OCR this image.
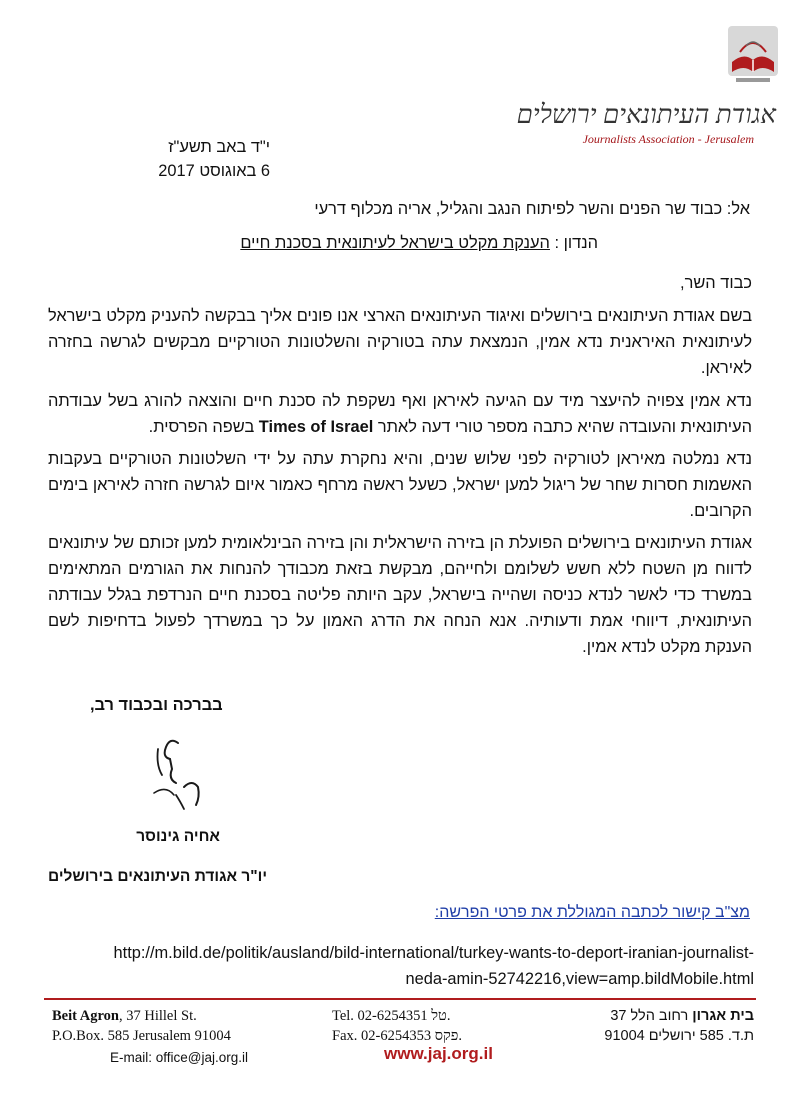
אגודת העיתונאים ירושלים
Journalists Association - Jerusalem
י"ד באב תשע"ז
6 באוגוסט 2017
אל: כבוד שר הפנים והשר לפיתוח הנגב והגליל, אריה מכלוף דרעי
הנדון : הענקת מקלט בישראל לעיתונאית בסכנת חיים
כבוד השר,
בשם אגודת העיתונאים בירושלים ואיגוד העיתונאים הארצי אנו פונים אליך בבקשה להעניק מקלט בישראל לעיתונאית האיראנית נדא אמין, הנמצאת עתה בטורקיה והשלטונות הטורקיים מבקשים לגרשה בחזרה לאיראן.
נדא אמין צפויה להיעצר מיד עם הגיעה לאיראן ואף נשקפת לה סכנת חיים והוצאה להורג בשל עבודתה העיתונאית והעובדה שהיא כתבה מספר טורי דעה לאתר Times of Israel בשפה הפרסית.
נדא נמלטה מאיראן לטורקיה לפני שלוש שנים, והיא נחקרת עתה על ידי השלטונות הטורקיים בעקבות האשמות חסרות שחר של ריגול למען ישראל, כשעל ראשה מרחף כאמור איום לגרשה חזרה לאיראן בימים הקרובים.
אגודת העיתונאים בירושלים הפועלת הן בזירה הישראלית והן בזירה הבינלאומית למען זכותם של עיתונאים לדווח מן השטח ללא חשש לשלומם ולחייהם, מבקשת בזאת מכבודך להנחות את הגורמים המתאימים במשרד כדי לאשר לנדא כניסה ושהייה בישראל, עקב היותה פליטה בסכנת חיים הנרדפת בגלל עבודתה העיתונאית, דיווחי אמת ודעותיה. אנא הנחה את הדרג האמון על כך במשרדך לפעול בדחיפות לשם הענקת מקלט לנדא אמין.
בברכה ובכבוד רב,
אחיה גינוסר
יו"ר אגודת העיתונאים בירושלים
מצ"ב קישור לכתבה המגוללת את פרטי הפרשה:
http://m.bild.de/politik/ausland/bild-international/turkey-wants-to-deport-iranian-journalist-
neda-amin-52742216,view=amp.bildMobile.html
Beit Agron, 37 Hillel St.
P.O.Box. 585 Jerusalem 91004
E-mail: office@jaj.org.il
Tel. 02-6254351 טל.
Fax. 02-6254353 פקס.
www.jaj.org.il
בית אגרון רחוב הלל 37
ת.ד. 585 ירושלים 91004
